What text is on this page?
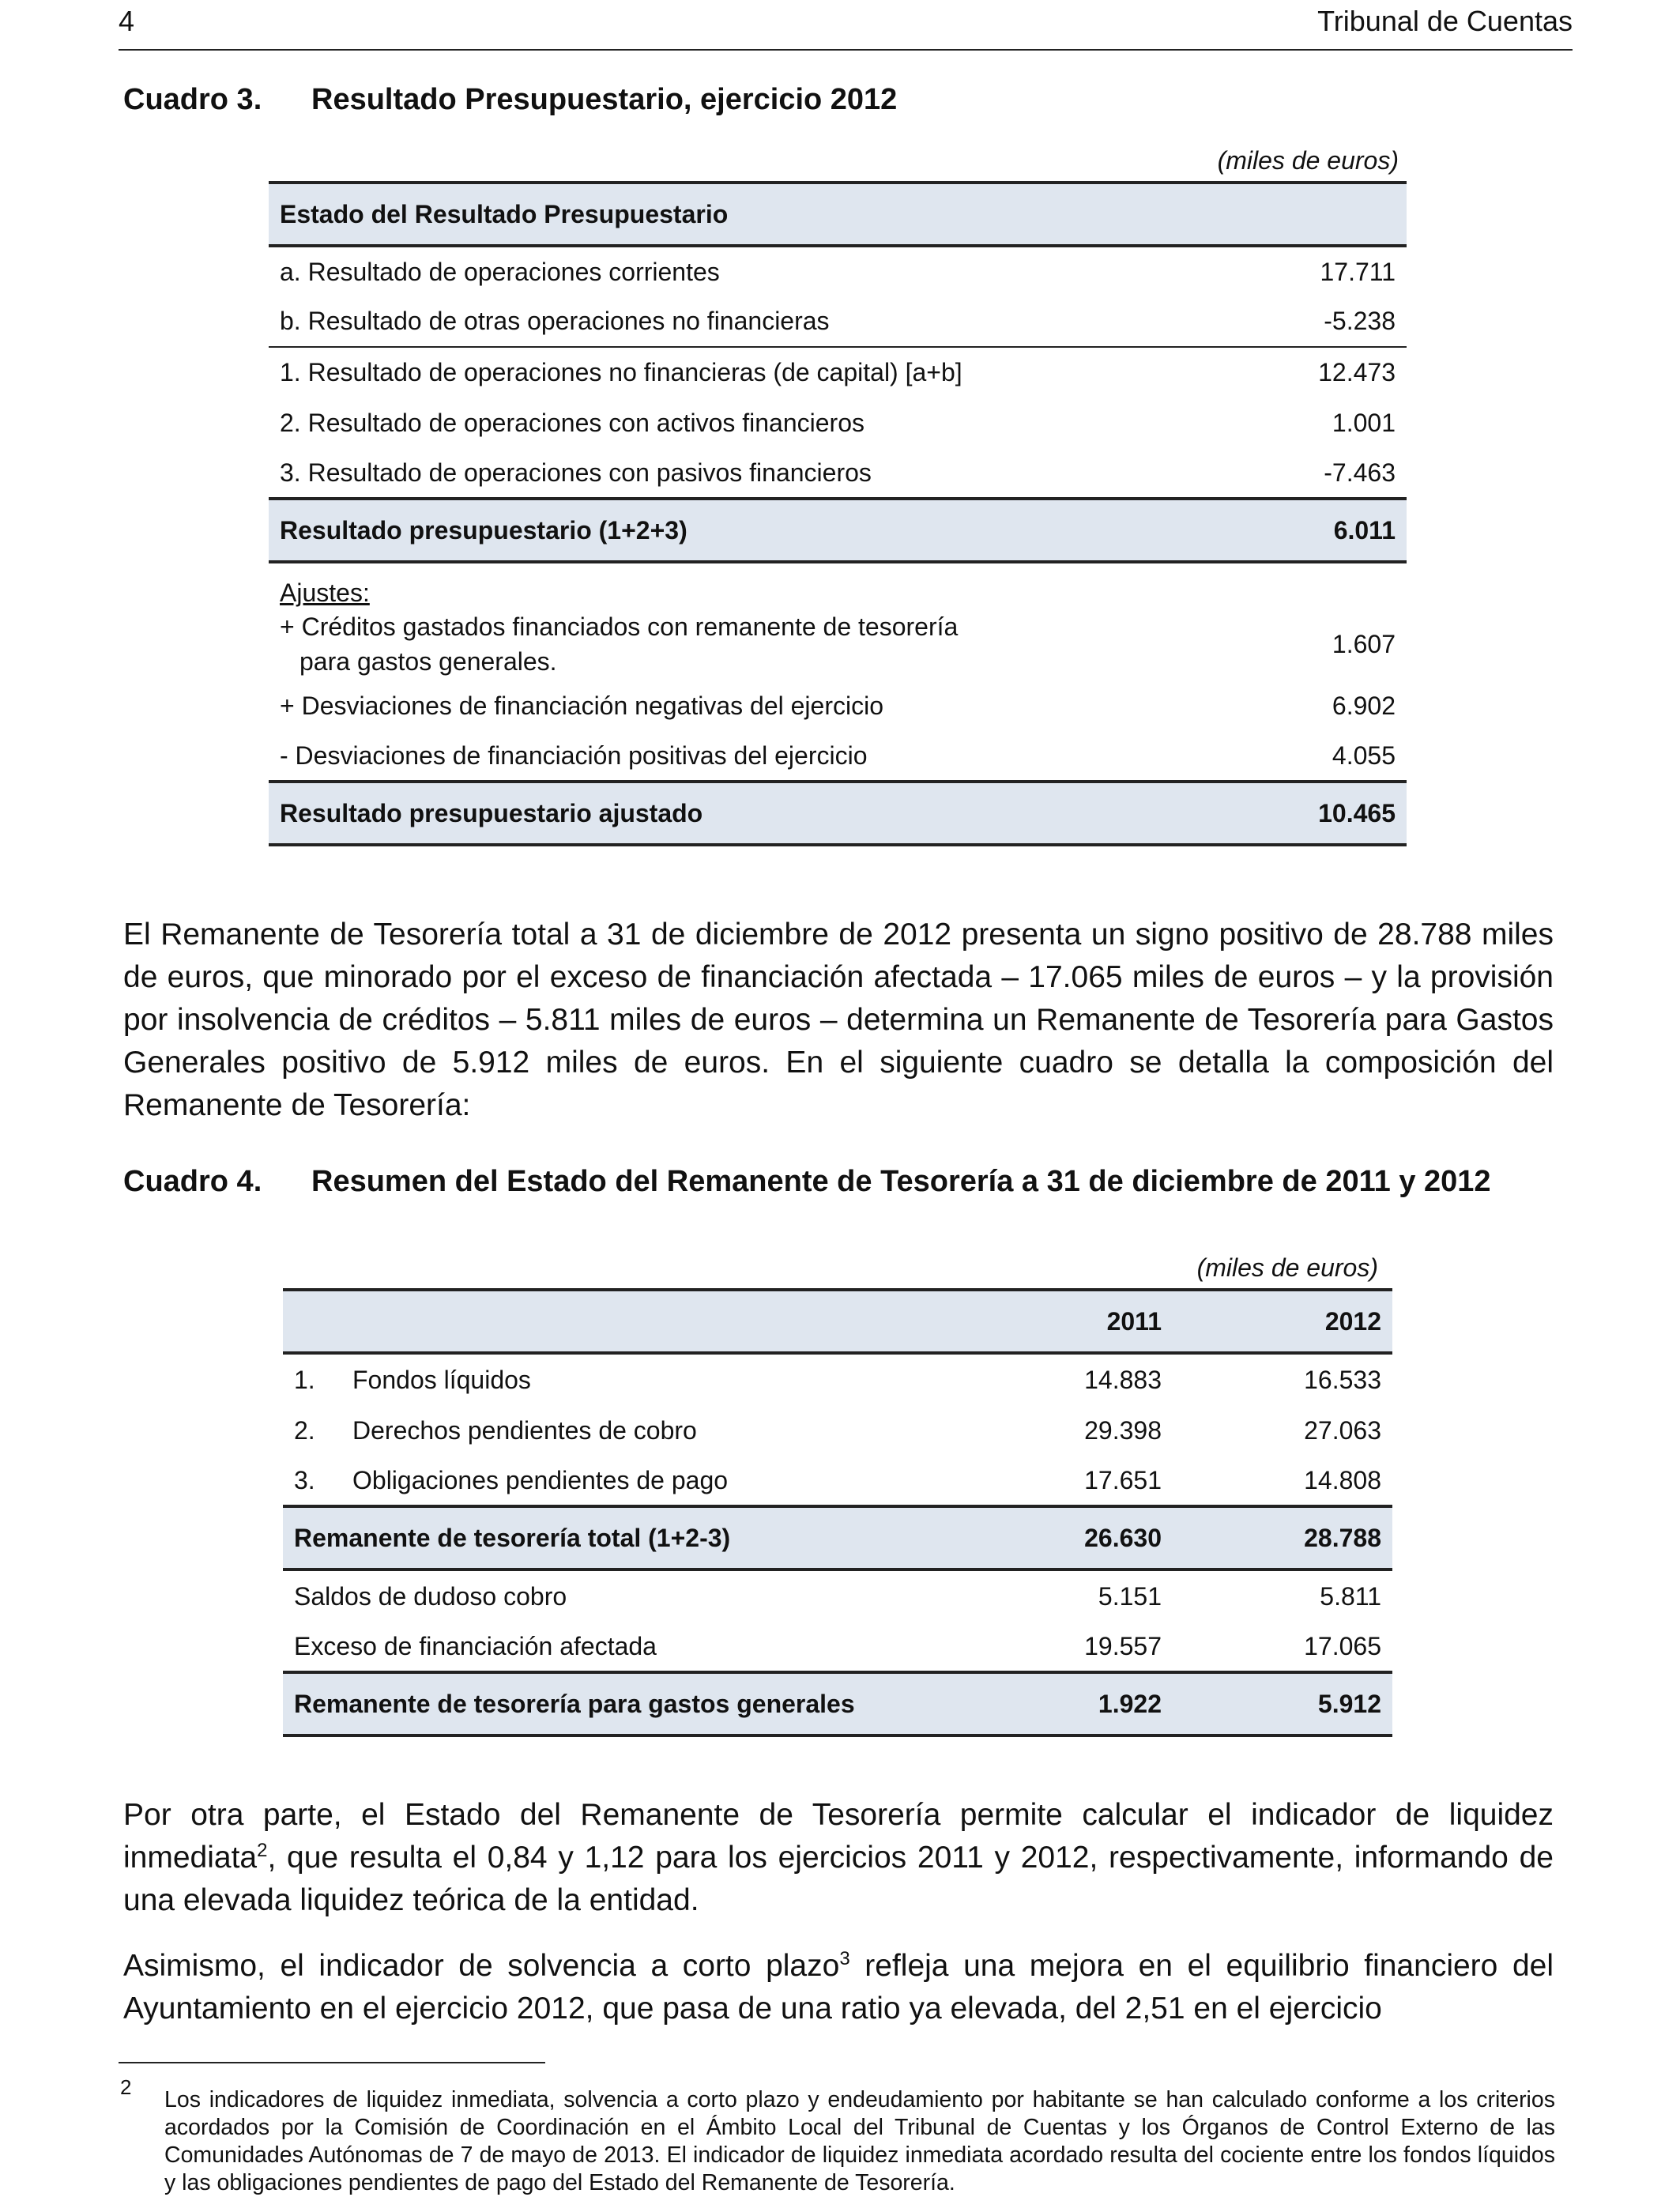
4	Tribunal de Cuentas
Cuadro 3. Resultado Presupuestario, ejercicio 2012
(miles de euros)
Estado del Resultado Presupuestario	
a. Resultado de operaciones corrientes	17.711
b. Resultado de otras operaciones no financieras	-5.238
1. Resultado de operaciones no financieras (de capital) [a+b]	12.473
2. Resultado de operaciones con activos financieros	1.001
3. Resultado de operaciones con pasivos financieros	-7.463
Resultado presupuestario (1+2+3)	6.011
Ajustes:	

+ Créditos gastados financiados con remanente de tesorería
para gastos generales.	1.607
+ Desviaciones de financiación negativas del ejercicio	6.902
- Desviaciones de financiación positivas del ejercicio	4.055
Resultado presupuestario ajustado	10.465
El Remanente de Tesorería total a 31 de diciembre de 2012 presenta un signo positivo de 28.788 miles de euros, que minorado por el exceso de financiación afectada – 17.065 miles de euros – y la provisión por insolvencia de créditos – 5.811 miles de euros – determina un Remanente de Tesorería para Gastos Generales positivo de 5.912 miles de euros. En el siguiente cuadro se detalla la composición del Remanente de Tesorería:
Cuadro 4. Resumen del Estado del Remanente de Tesorería a 31 de diciembre de 2011 y 2012
(miles de euros)
		2011	2012
1.	Fondos líquidos	14.883	16.533
2.	Derechos pendientes de cobro	29.398	27.063
3.	Obligaciones pendientes de pago	17.651	14.808
Remanente de tesorería total (1+2-3)		26.630	28.788
Saldos de dudoso cobro		5.151	5.811
Exceso de financiación afectada		19.557	17.065
Remanente de tesorería para gastos generales		1.922	5.912
Por otra parte, el Estado del Remanente de Tesorería permite calcular el indicador de liquidez inmediata$^2$, que resulta el 0,84 y 1,12 para los ejercicios 2011 y 2012, respectivamente, informando de una elevada liquidez teórica de la entidad.
Asimismo, el indicador de solvencia a corto plazo$^3$ refleja una mejora en el equilibrio financiero del Ayuntamiento en el ejercicio 2012, que pasa de una ratio ya elevada, del 2,51 en el ejercicio
2 Los indicadores de liquidez inmediata, solvencia a corto plazo y endeudamiento por habitante se han calculado conforme a los criterios acordados por la Comisión de Coordinación en el Ámbito Local del Tribunal de Cuentas y los Órganos de Control Externo de las Comunidades Autónomas de 7 de mayo de 2013. El indicador de liquidez inmediata acordado resulta del cociente entre los fondos líquidos y las obligaciones pendientes de pago del Estado del Remanente de Tesorería.
